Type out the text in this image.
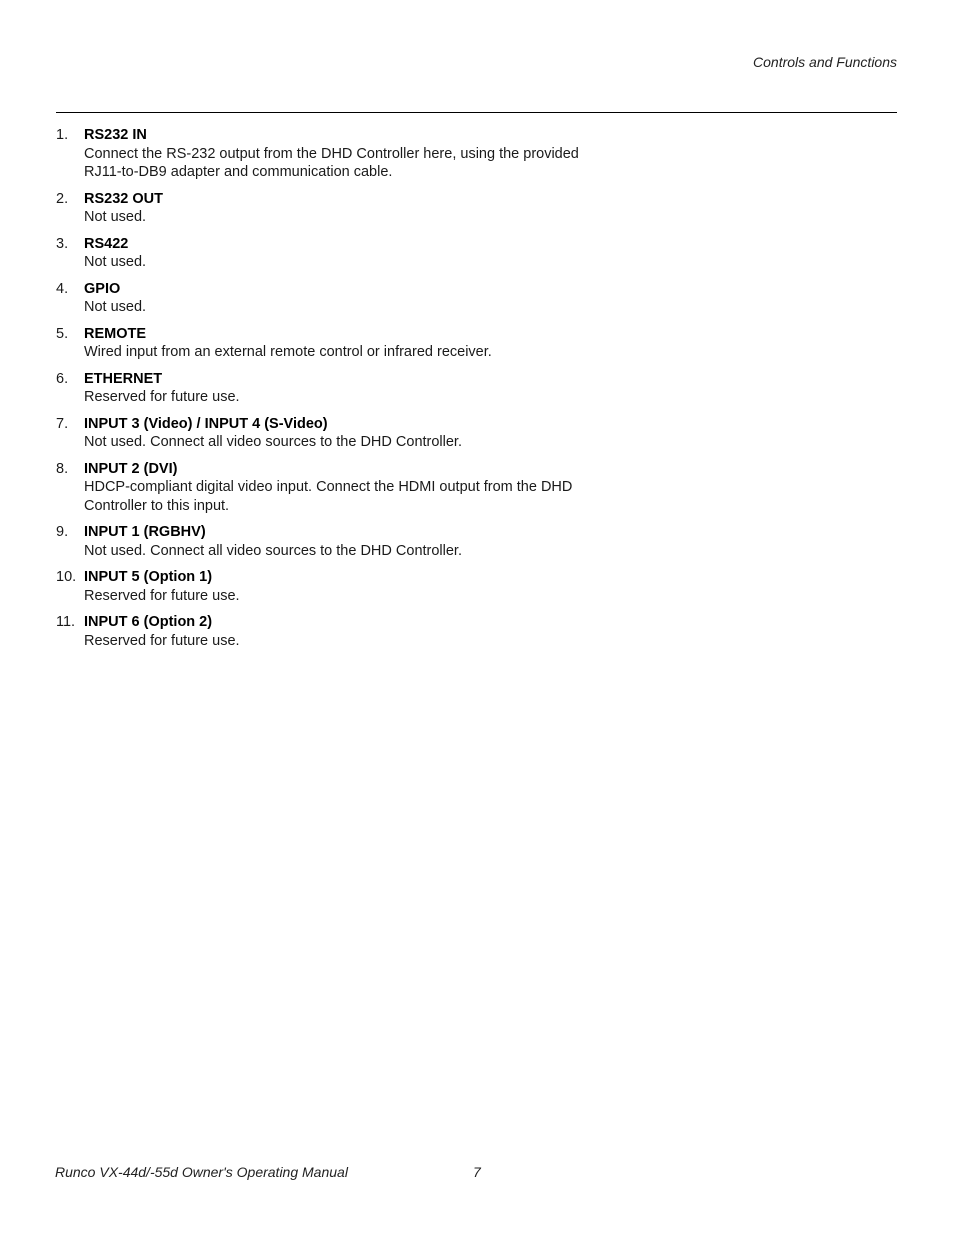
Controls and Functions
1. RS232 IN
Connect the RS-232 output from the DHD Controller here, using the provided
RJ11-to-DB9 adapter and communication cable.
2. RS232 OUT
Not used.
3. RS422
Not used.
4. GPIO
Not used.
5. REMOTE
Wired input from an external remote control or infrared receiver.
6. ETHERNET
Reserved for future use.
7. INPUT 3 (Video) / INPUT 4 (S-Video)
Not used. Connect all video sources to the DHD Controller.
8. INPUT 2 (DVI)
HDCP-compliant digital video input. Connect the HDMI output from the DHD
Controller to this input.
9. INPUT 1 (RGBHV)
Not used. Connect all video sources to the DHD Controller.
10. INPUT 5 (Option 1)
Reserved for future use.
11. INPUT 6 (Option 2)
Reserved for future use.
Runco VX-44d/-55d Owner's Operating Manual	7
